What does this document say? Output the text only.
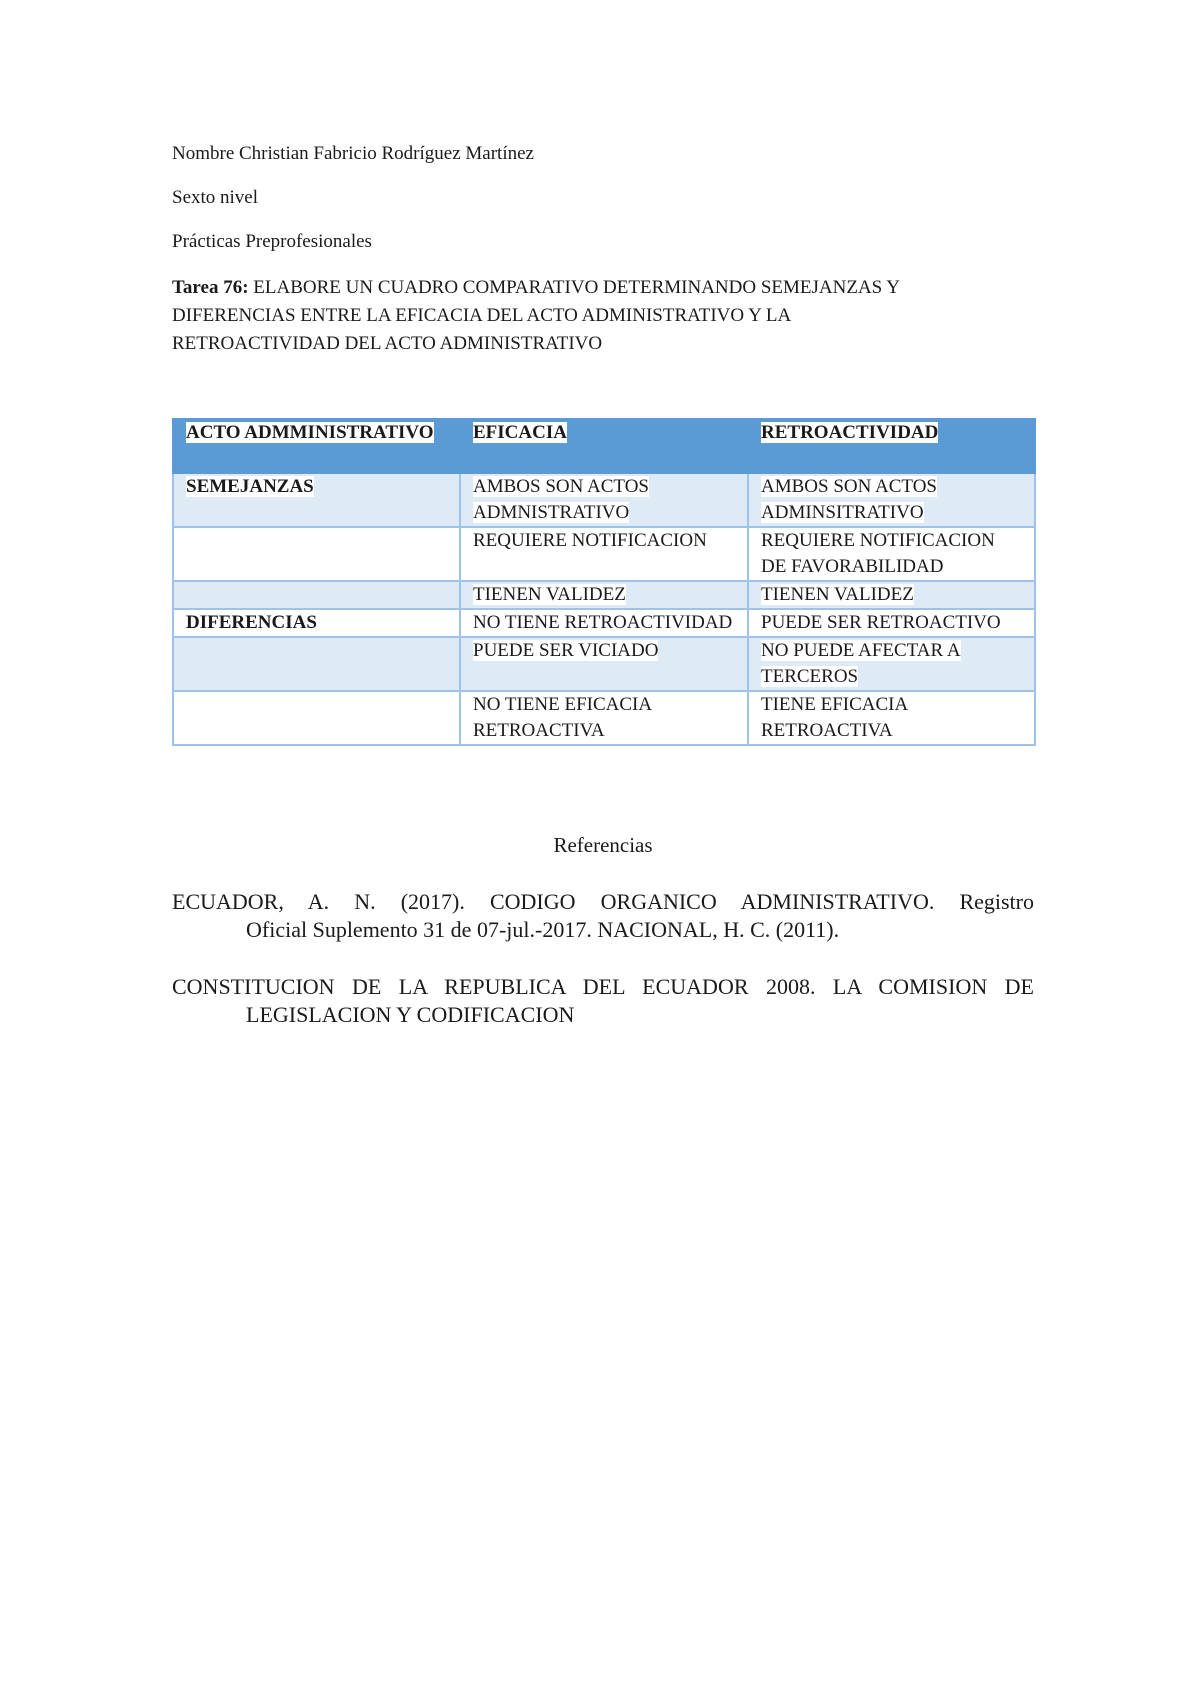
Nombre Christian Fabricio Rodríguez Martínez

Sexto nivel

Prácticas Preprofesionales

Tarea 76: ELABORE UN CUADRO COMPARATIVO DETERMINANDO SEMEJANZAS Y
DIFERENCIAS ENTRE LA EFICACIA DEL ACTO ADMINISTRATIVO Y LA
RETROACTIVIDAD DEL ACTO ADMINISTRATIVO

ACTO ADMMINISTRATIVO	EFICACIA	RETROACTIVIDAD
SEMEJANZAS	AMBOS SON ACTOS ADMNISTRATIVO	AMBOS SON ACTOS ADMINSITRATIVO
	REQUIERE NOTIFICACION	REQUIERE NOTIFICACION DE FAVORABILIDAD
	TIENEN VALIDEZ	TIENEN VALIDEZ
DIFERENCIAS	NO TIENE RETROACTIVIDAD	PUEDE SER RETROACTIVO
	PUEDE SER VICIADO	NO PUEDE AFECTAR A TERCEROS
	NO TIENE EFICACIA RETROACTIVA	TIENE EFICACIA RETROACTIVA
Referencias
ECUADOR, A. N. (2017). CODIGO ORGANICO ADMINISTRATIVO. Registro
Oficial Suplemento 31 de 07-jul.-2017. NACIONAL, H. C. (2011).
CONSTITUCION DE LA REPUBLICA DEL ECUADOR 2008. LA COMISION DE
LEGISLACION Y CODIFICACION
